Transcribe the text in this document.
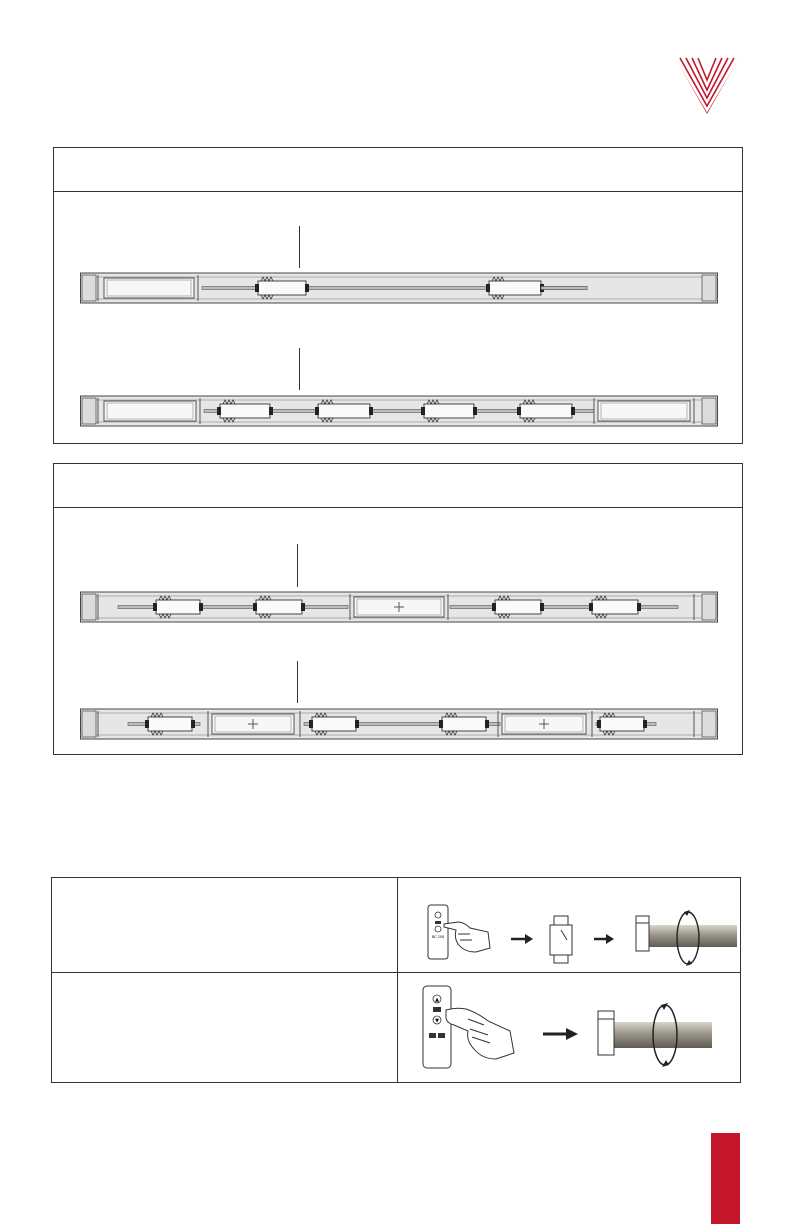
BC 2X8
▲
▼
